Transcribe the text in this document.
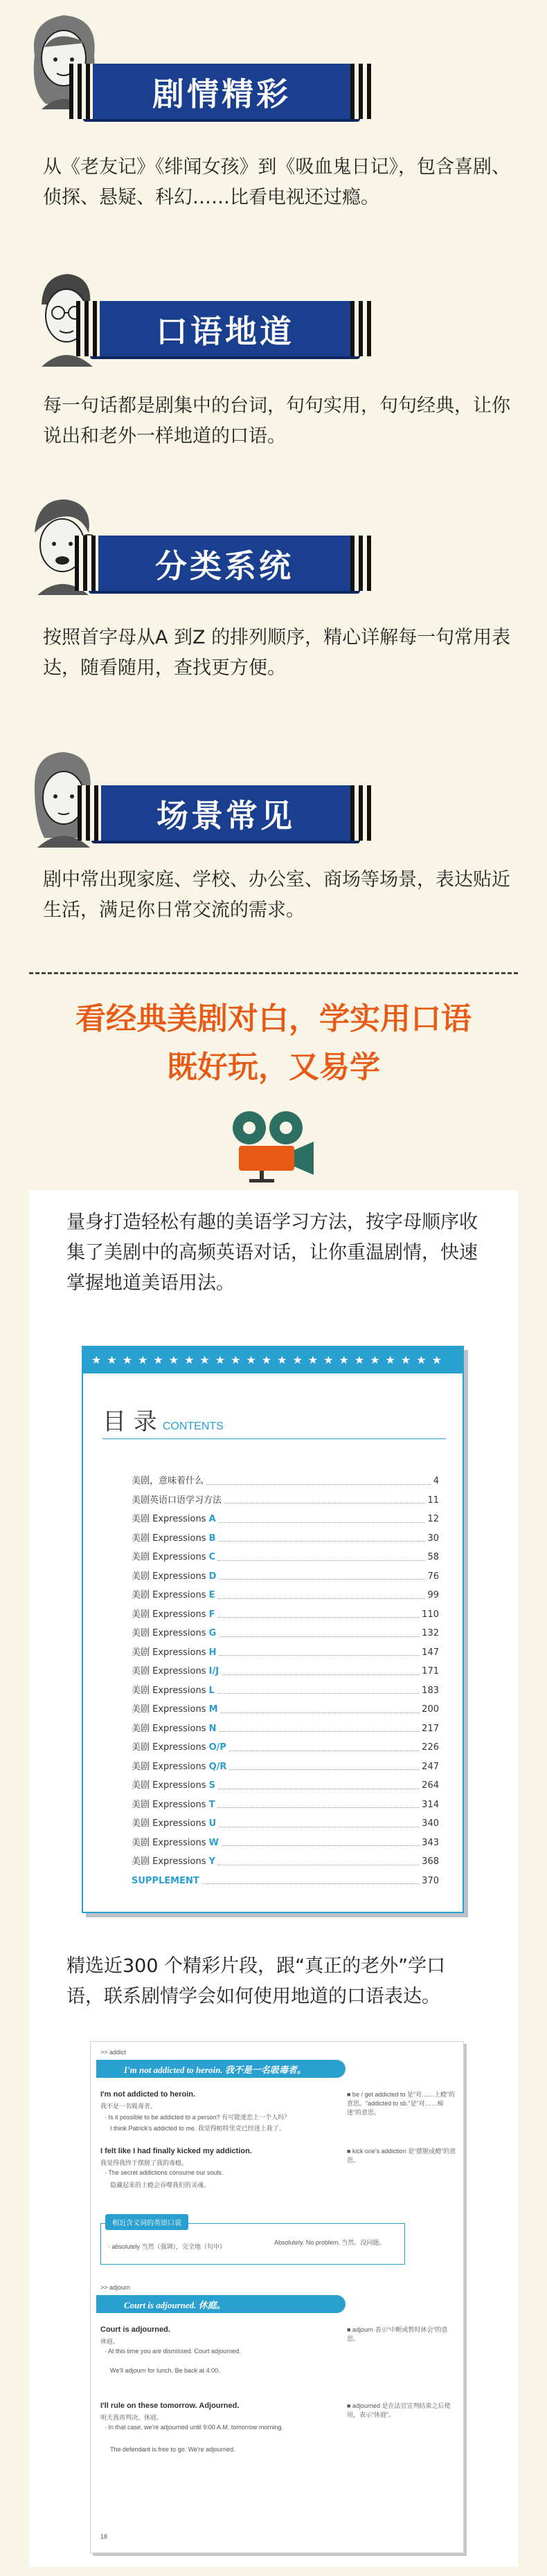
剧情精彩
从《老友记》《绯闻女孩》到《吸血鬼日记》，包含喜剧、侦探、悬疑、科幻……比看电视还过瘾。
口语地道
每一句话都是剧集中的台词，句句实用，句句经典，让你说出和老外一样地道的口语。
分类系统
按照首字母从A 到Z 的排列顺序，精心详解每一句常用表达，随看随用，查找更方便。
场景常见
剧中常出现家庭、学校、办公室、商场等场景，表达贴近生活，满足你日常交流的需求。
看经典美剧对白，学实用口语
既好玩，又易学
量身打造轻松有趣的美语学习方法，按字母顺序收集了美剧中的高频英语对话，让你重温剧情，快速掌握地道美语用法。
★★★★★★★★★★★★★★★★★★★★★★★
目 录 CONTENTS
美剧，意味着什么	4
美剧英语口语学习方法	11
美剧 Expressions A	12
美剧 Expressions B	30
美剧 Expressions C	58
美剧 Expressions D	76
美剧 Expressions E	99
美剧 Expressions F	110
美剧 Expressions G	132
美剧 Expressions H	147
美剧 Expressions I/J	171
美剧 Expressions L	183
美剧 Expressions M	200
美剧 Expressions N	217
美剧 Expressions O/P	226
美剧 Expressions Q/R	247
美剧 Expressions S	264
美剧 Expressions T	314
美剧 Expressions U	340
美剧 Expressions W	343
美剧 Expressions Y	368
SUPPLEMENT	370
精选近300 个精彩片段，跟“真正的老外”学口语，联系剧情学会如何使用地道的口语表达。
>> addict
I'm not addicted to heroin. 我不是一名吸毒者。
I'm not addicted to heroin.
我不是一名吸毒者。
· Is it possible to be addicted to a person? 有可能迷恋上一个人吗？
I think Patrick's addicted to me. 我觉得帕特里克已经迷上我了。
■ be / get addicted to 是“对……上瘾”的意思。“addicted to sb.”是“对……痴迷”的意思。
I felt like I had finally kicked my addiction.
我觉得我终于摆脱了我的毒瘾。
· The secret addictions consume our souls.
隐藏起来的上瘾会吞噬我们的灵魂。
■ kick one's addiction 是“摆脱成瘾”的意思。
相近含义词的英语口说
· absolutely 当然（强调），完全地（句中）
Absolutely. No problem. 当然。没问题。
>> adjourn
Court is adjourned. 休庭。
Court is adjourned.
休庭。
· At this time you are dismissed. Court adjourned.
We'll adjourn for lunch. Be back at 4:00.
■ adjourn 表示“中断或暂时休会”的意思。
I'll rule on these tomorrow. Adjourned.
明天我再判决。休庭。
· In that case, we're adjourned until 9:00 A.M. tomorrow morning.
The defendant is free to go. We're adjourned.
■ adjourned 是在法官宣判结束之后使用，表示“休庭”。
18
